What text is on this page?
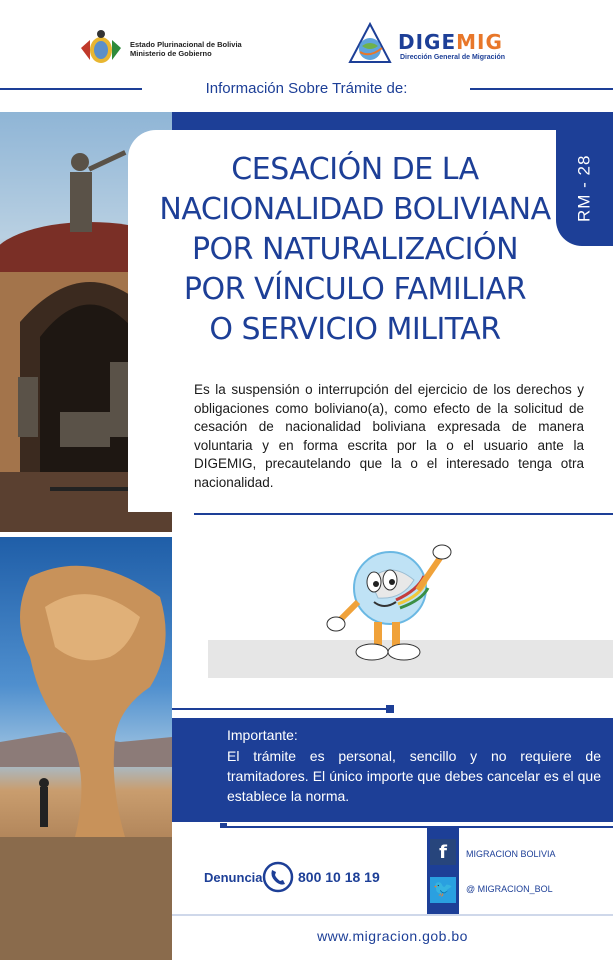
Estado Plurinacional de Bolivia
Ministerio de Gobierno	DIGEMIG
Dirección General de Migración
Información Sobre Trámite de:
RM - 28
CESACIÓN DE LA
NACIONALIDAD BOLIVIANA
POR NATURALIZACIÓN
POR VÍNCULO FAMILIAR
O SERVICIO MILITAR
Es la suspensión o interrupción del ejercicio de los derechos y obligaciones como boliviano(a), como efecto de la solicitud de cesación de nacionalidad boliviana expresada de manera voluntaria y en forma escrita por la o el usuario ante la DIGEMIG, precautelando que la o el interesado tenga otra nacionalidad.
Importante:
El trámite es personal, sencillo y no requiere de tramitadores. El único importe que debes cancelar es el que establece la norma.
Denuncia	800 10 18 19
f
🐦
MIGRACION BOLIVIA
@ MIGRACION_BOL
www.migracion.gob.bo
